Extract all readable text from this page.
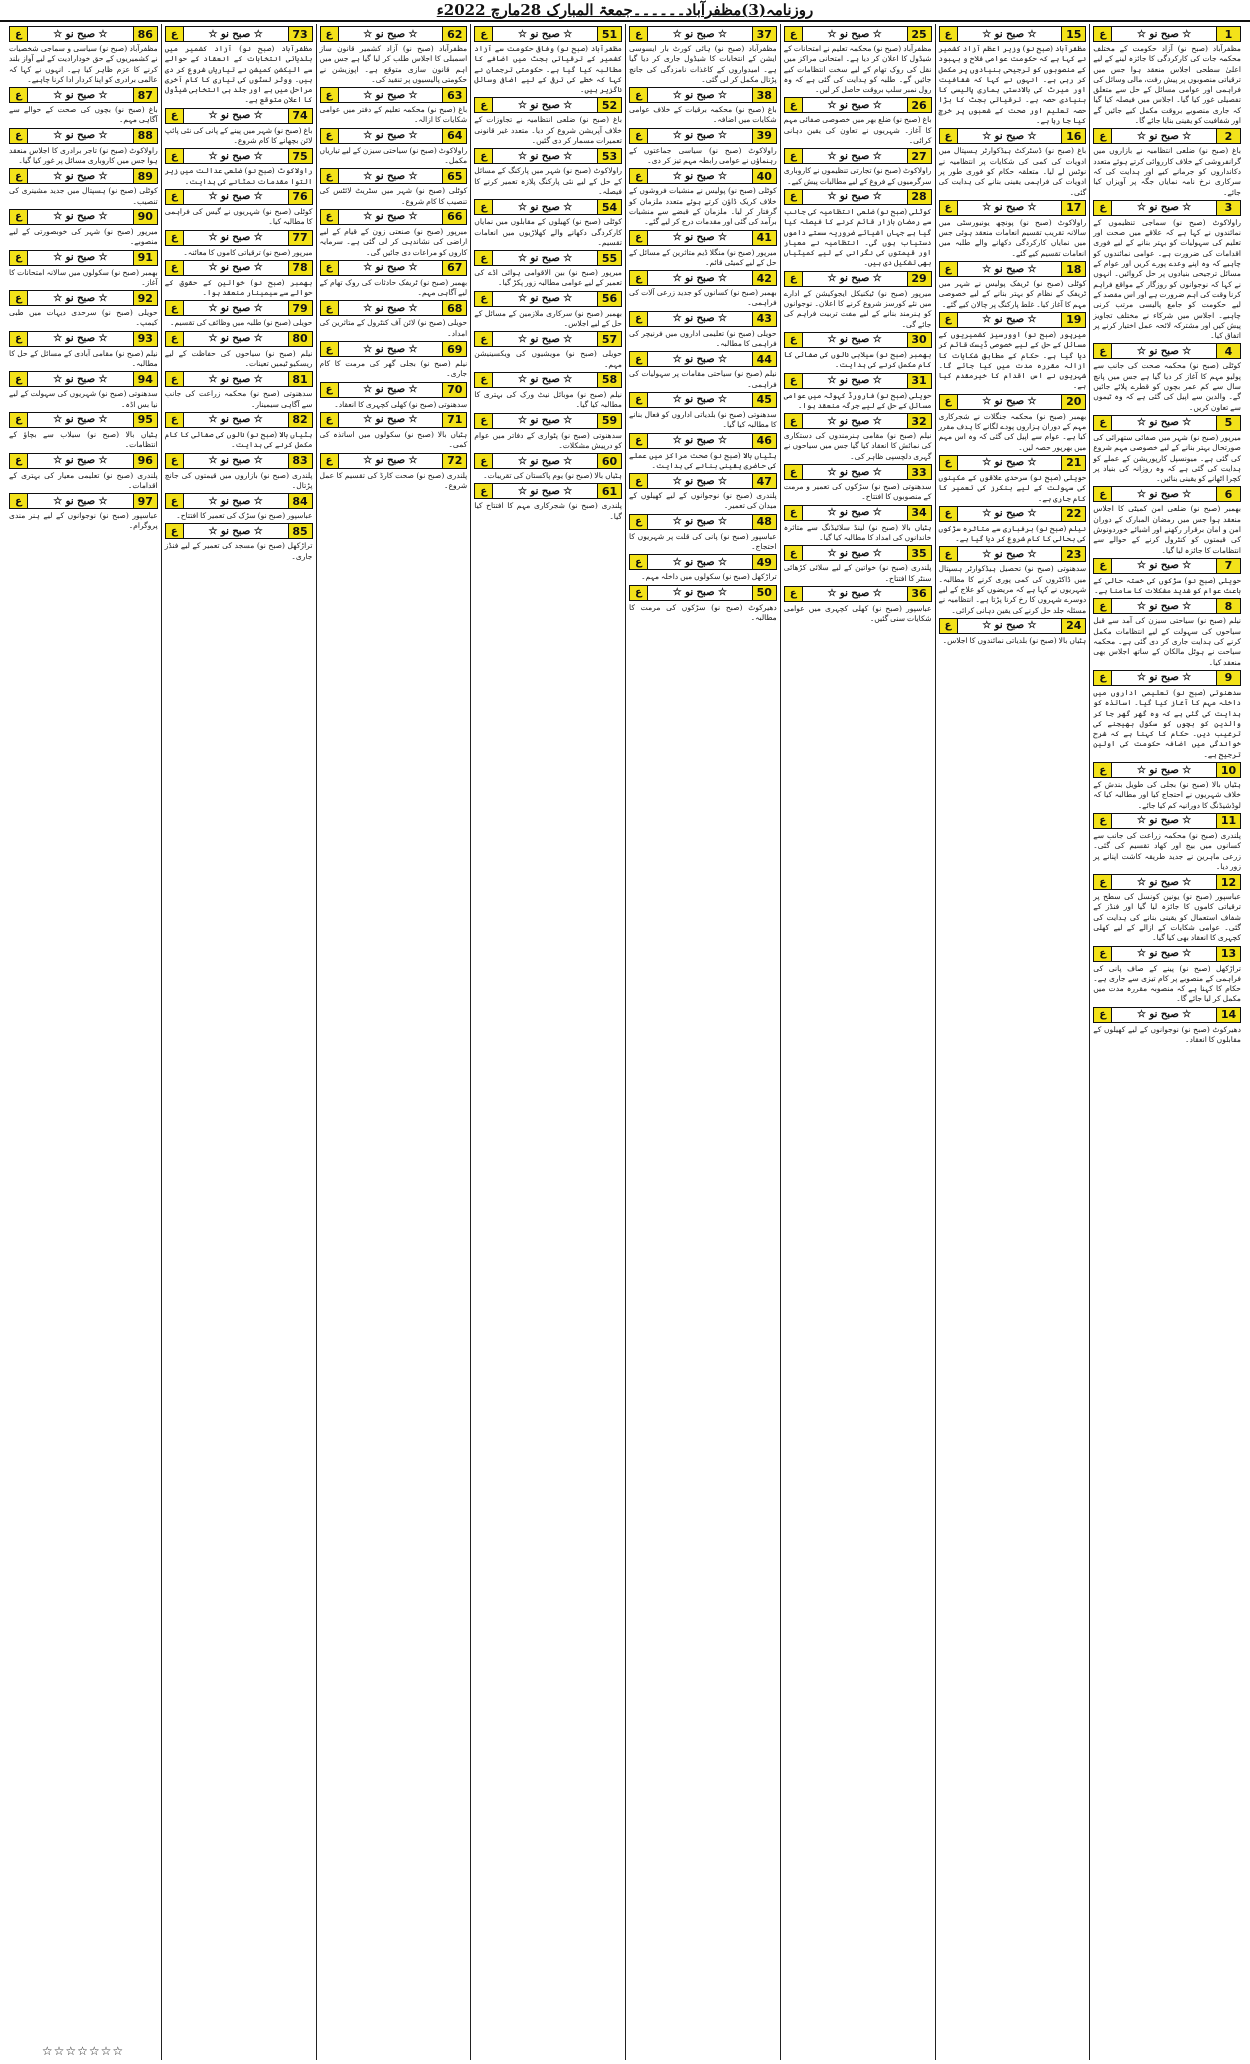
روزنامہ(3)مظفرآباد۔۔۔۔۔۔جمعۃ المبارک 28مارچ 2022ء
1
☆ صبح نو ☆
ع
مظفرآباد (صبح نو) آزاد حکومت کے مختلف محکمہ جات کی کارکردگی کا جائزہ لینے کے لیے اعلیٰ سطحی اجلاس منعقد ہوا جس میں ترقیاتی منصوبوں پر پیش رفت، مالی وسائل کی فراہمی اور عوامی مسائل کے حل سے متعلق تفصیلی غور کیا گیا۔ اجلاس میں فیصلہ کیا گیا کہ جاری منصوبے بروقت مکمل کیے جائیں گے اور شفافیت کو یقینی بنایا جائے گا۔
2
☆ صبح نو ☆
ع
باغ (صبح نو) ضلعی انتظامیہ نے بازاروں میں گرانفروشی کے خلاف کارروائی کرتے ہوئے متعدد دکانداروں کو جرمانے کیے اور ہدایت کی کہ سرکاری نرخ نامہ نمایاں جگہ پر آویزاں کیا جائے۔
3
☆ صبح نو ☆
ع
راولاکوٹ (صبح نو) سماجی تنظیموں کے نمائندوں نے کہا ہے کہ علاقے میں صحت اور تعلیم کی سہولیات کو بہتر بنانے کے لیے فوری اقدامات کی ضرورت ہے۔ عوامی نمائندوں کو چاہیے کہ وہ اپنے وعدے پورے کریں اور عوام کے مسائل ترجیحی بنیادوں پر حل کروائیں۔ انہوں نے کہا کہ نوجوانوں کو روزگار کے مواقع فراہم کرنا وقت کی اہم ضرورت ہے اور اس مقصد کے لیے حکومت کو جامع پالیسی مرتب کرنی چاہیے۔ اجلاس میں شرکاء نے مختلف تجاویز پیش کیں اور مشترکہ لائحہ عمل اختیار کرنے پر اتفاق کیا۔
4
☆ صبح نو ☆
ع
کوٹلی (صبح نو) محکمہ صحت کی جانب سے پولیو مہم کا آغاز کر دیا گیا ہے جس میں پانچ سال سے کم عمر بچوں کو قطرے پلائے جائیں گے۔ والدین سے اپیل کی گئی ہے کہ وہ ٹیموں سے تعاون کریں۔
5
☆ صبح نو ☆
ع
میرپور (صبح نو) شہر میں صفائی ستھرائی کی صورتحال بہتر بنانے کے لیے خصوصی مہم شروع کی گئی ہے۔ میونسپل کارپوریشن کے عملے کو ہدایت کی گئی ہے کہ وہ روزانہ کی بنیاد پر کچرا اٹھانے کو یقینی بنائیں۔
6
☆ صبح نو ☆
ع
بھمبر (صبح نو) ضلعی امن کمیٹی کا اجلاس منعقد ہوا جس میں رمضان المبارک کے دوران امن و امان برقرار رکھنے اور اشیائے خوردونوش کی قیمتوں کو کنٹرول کرنے کے حوالے سے انتظامات کا جائزہ لیا گیا۔
7
☆ صبح نو ☆
ع
حویلی (صبح نو) سڑکوں کی خستہ حالی کے باعث عوام کو شدید مشکلات کا سامنا ہے۔
8
☆ صبح نو ☆
ع
نیلم (صبح نو) سیاحتی سیزن کی آمد سے قبل سیاحوں کی سہولت کے لیے انتظامات مکمل کرنے کی ہدایت جاری کر دی گئی ہے۔ محکمہ سیاحت نے ہوٹل مالکان کے ساتھ اجلاس بھی منعقد کیا۔
9
☆ صبح نو ☆
ع
سدھنوتی (صبح نو) تعلیمی اداروں میں داخلہ مہم کا آغاز کیا گیا۔ اساتذہ کو ہدایت کی گئی ہے کہ وہ گھر گھر جا کر والدین کو بچوں کو سکول بھیجنے کی ترغیب دیں۔ حکام کا کہنا ہے کہ شرح خواندگی میں اضافہ حکومت کی اولین ترجیح ہے۔
10
☆ صبح نو ☆
ع
ہٹیاں بالا (صبح نو) بجلی کی طویل بندش کے خلاف شہریوں نے احتجاج کیا اور مطالبہ کیا کہ لوڈشیڈنگ کا دورانیہ کم کیا جائے۔
11
☆ صبح نو ☆
ع
پلندری (صبح نو) محکمہ زراعت کی جانب سے کسانوں میں بیج اور کھاد تقسیم کی گئی۔ زرعی ماہرین نے جدید طریقہ کاشت اپنانے پر زور دیا۔
12
☆ صبح نو ☆
ع
عباسپور (صبح نو) یونین کونسل کی سطح پر ترقیاتی کاموں کا جائزہ لیا گیا اور فنڈز کے شفاف استعمال کو یقینی بنانے کی ہدایت کی گئی۔ عوامی شکایات کے ازالے کے لیے کھلی کچہری کا انعقاد بھی کیا گیا۔
13
☆ صبح نو ☆
ع
تراڑکھل (صبح نو) پینے کے صاف پانی کی فراہمی کے منصوبے پر کام تیزی سے جاری ہے۔ حکام کا کہنا ہے کہ منصوبہ مقررہ مدت میں مکمل کر لیا جائے گا۔
14
☆ صبح نو ☆
ع
دھیرکوٹ (صبح نو) نوجوانوں کے لیے کھیلوں کے مقابلوں کا انعقاد۔
15
☆ صبح نو ☆
ع
مظفرآباد (صبح نو) وزیر اعظم آزاد کشمیر نے کہا ہے کہ حکومت عوامی فلاح و بہبود کے منصوبوں کو ترجیحی بنیادوں پر مکمل کر رہی ہے۔ انہوں نے کہا کہ شفافیت اور میرٹ کی بالادستی ہماری پالیسی کا بنیادی حصہ ہے۔ ترقیاتی بجٹ کا بڑا حصہ تعلیم اور صحت کے شعبوں پر خرچ کیا جا رہا ہے۔
16
☆ صبح نو ☆
ع
باغ (صبح نو) ڈسٹرکٹ ہیڈکوارٹر ہسپتال میں ادویات کی کمی کی شکایات پر انتظامیہ نے نوٹس لے لیا۔ متعلقہ حکام کو فوری طور پر ادویات کی فراہمی یقینی بنانے کی ہدایت کی گئی۔
17
☆ صبح نو ☆
ع
راولاکوٹ (صبح نو) پونچھ یونیورسٹی میں سالانہ تقریب تقسیم انعامات منعقد ہوئی جس میں نمایاں کارکردگی دکھانے والے طلبہ میں انعامات تقسیم کیے گئے۔
18
☆ صبح نو ☆
ع
کوٹلی (صبح نو) ٹریفک پولیس نے شہر میں ٹریفک کے نظام کو بہتر بنانے کے لیے خصوصی مہم کا آغاز کیا۔ غلط پارکنگ پر چالان کیے گئے۔
19
☆ صبح نو ☆
ع
میرپور (صبح نو) اوورسیز کشمیریوں کے مسائل کے حل کے لیے خصوصی ڈیسک قائم کر دیا گیا ہے۔ حکام کے مطابق شکایات کا ازالہ مقررہ مدت میں کیا جائے گا۔ شہریوں نے اس اقدام کا خیرمقدم کیا ہے۔
20
☆ صبح نو ☆
ع
بھمبر (صبح نو) محکمہ جنگلات نے شجرکاری مہم کے دوران ہزاروں پودے لگانے کا ہدف مقرر کیا ہے۔ عوام سے اپیل کی گئی کہ وہ اس مہم میں بھرپور حصہ لیں۔
21
☆ صبح نو ☆
ع
حویلی (صبح نو) سرحدی علاقوں کے مکینوں کی سہولت کے لیے بنکرز کی تعمیر کا کام جاری ہے۔
22
☆ صبح نو ☆
ع
نیلم (صبح نو) برفباری سے متاثرہ سڑکوں کی بحالی کا کام شروع کر دیا گیا ہے۔
23
☆ صبح نو ☆
ع
سدھنوتی (صبح نو) تحصیل ہیڈکوارٹر ہسپتال میں ڈاکٹروں کی کمی پوری کرنے کا مطالبہ۔ شہریوں نے کہا ہے کہ مریضوں کو علاج کے لیے دوسرے شہروں کا رخ کرنا پڑتا ہے۔ انتظامیہ نے مسئلہ جلد حل کرنے کی یقین دہانی کرائی۔
24
☆ صبح نو ☆
ع
ہٹیاں بالا (صبح نو) بلدیاتی نمائندوں کا اجلاس۔
25
☆ صبح نو ☆
ع
مظفرآباد (صبح نو) محکمہ تعلیم نے امتحانات کے شیڈول کا اعلان کر دیا ہے۔ امتحانی مراکز میں نقل کی روک تھام کے لیے سخت انتظامات کیے جائیں گے۔ طلبہ کو ہدایت کی گئی ہے کہ وہ رول نمبر سلپ بروقت حاصل کر لیں۔
26
☆ صبح نو ☆
ع
باغ (صبح نو) ضلع بھر میں خصوصی صفائی مہم کا آغاز۔ شہریوں نے تعاون کی یقین دہانی کرائی۔
27
☆ صبح نو ☆
ع
راولاکوٹ (صبح نو) تجارتی تنظیموں نے کاروباری سرگرمیوں کے فروغ کے لیے مطالبات پیش کیے۔
28
☆ صبح نو ☆
ع
کوٹلی (صبح نو) ضلعی انتظامیہ کی جانب سے رمضان بازار قائم کرنے کا فیصلہ کیا گیا ہے جہاں اشیائے ضروریہ سستے داموں دستیاب ہوں گی۔ انتظامیہ نے معیار اور قیمتوں کی نگرانی کے لیے کمیٹیاں بھی تشکیل دی ہیں۔
29
☆ صبح نو ☆
ع
میرپور (صبح نو) ٹیکنیکل ایجوکیشن کے ادارے میں نئے کورسز شروع کرنے کا اعلان۔ نوجوانوں کو ہنرمند بنانے کے لیے مفت تربیت فراہم کی جائے گی۔
30
☆ صبح نو ☆
ع
بھمبر (صبح نو) سیلابی نالوں کی صفائی کا کام مکمل کرنے کی ہدایت۔
31
☆ صبح نو ☆
ع
حویلی (صبح نو) فارورڈ کہوٹہ میں عوامی مسائل کے حل کے لیے جرگہ منعقد ہوا۔
32
☆ صبح نو ☆
ع
نیلم (صبح نو) مقامی ہنرمندوں کی دستکاری کی نمائش کا انعقاد کیا گیا جس میں سیاحوں نے گہری دلچسپی ظاہر کی۔
33
☆ صبح نو ☆
ع
سدھنوتی (صبح نو) سڑکوں کی تعمیر و مرمت کے منصوبوں کا افتتاح۔
34
☆ صبح نو ☆
ع
ہٹیاں بالا (صبح نو) لینڈ سلائیڈنگ سے متاثرہ خاندانوں کی امداد کا مطالبہ کیا گیا۔
35
☆ صبح نو ☆
ع
پلندری (صبح نو) خواتین کے لیے سلائی کڑھائی سنٹر کا افتتاح۔
36
☆ صبح نو ☆
ع
عباسپور (صبح نو) کھلی کچہری میں عوامی شکایات سنی گئیں۔
37
☆ صبح نو ☆
ع
مظفرآباد (صبح نو) ہائی کورٹ بار ایسوسی ایشن کے انتخابات کا شیڈول جاری کر دیا گیا ہے۔ امیدواروں کے کاغذات نامزدگی کی جانچ پڑتال مکمل کر لی گئی۔
38
☆ صبح نو ☆
ع
باغ (صبح نو) محکمہ برقیات کے خلاف عوامی شکایات میں اضافہ۔
39
☆ صبح نو ☆
ع
راولاکوٹ (صبح نو) سیاسی جماعتوں کے رہنماؤں نے عوامی رابطہ مہم تیز کر دی۔
40
☆ صبح نو ☆
ع
کوٹلی (صبح نو) پولیس نے منشیات فروشوں کے خلاف کریک ڈاؤن کرتے ہوئے متعدد ملزمان کو گرفتار کر لیا۔ ملزمان کے قبضے سے منشیات برآمد کی گئی اور مقدمات درج کر لیے گئے۔
41
☆ صبح نو ☆
ع
میرپور (صبح نو) منگلا ڈیم متاثرین کے مسائل کے حل کے لیے کمیٹی قائم۔
42
☆ صبح نو ☆
ع
بھمبر (صبح نو) کسانوں کو جدید زرعی آلات کی فراہمی۔
43
☆ صبح نو ☆
ع
حویلی (صبح نو) تعلیمی اداروں میں فرنیچر کی فراہمی کا مطالبہ۔
44
☆ صبح نو ☆
ع
نیلم (صبح نو) سیاحتی مقامات پر سہولیات کی فراہمی۔
45
☆ صبح نو ☆
ع
سدھنوتی (صبح نو) بلدیاتی اداروں کو فعال بنانے کا مطالبہ کیا گیا۔
46
☆ صبح نو ☆
ع
ہٹیاں بالا (صبح نو) صحت مراکز میں عملے کی حاضری یقینی بنانے کی ہدایت۔
47
☆ صبح نو ☆
ع
پلندری (صبح نو) نوجوانوں کے لیے کھیلوں کے میدان کی تعمیر۔
48
☆ صبح نو ☆
ع
عباسپور (صبح نو) پانی کی قلت پر شہریوں کا احتجاج۔
49
☆ صبح نو ☆
ع
تراڑکھل (صبح نو) سکولوں میں داخلہ مہم۔
50
☆ صبح نو ☆
ع
دھیرکوٹ (صبح نو) سڑکوں کی مرمت کا مطالبہ۔
51
☆ صبح نو ☆
ع
مظفرآباد (صبح نو) وفاقی حکومت سے آزاد کشمیر کے ترقیاتی بجٹ میں اضافے کا مطالبہ کیا گیا ہے۔ حکومتی ترجمان نے کہا کہ خطے کی ترقی کے لیے اضافی وسائل ناگزیر ہیں۔
52
☆ صبح نو ☆
ع
باغ (صبح نو) ضلعی انتظامیہ نے تجاوزات کے خلاف آپریشن شروع کر دیا۔ متعدد غیر قانونی تعمیرات مسمار کر دی گئیں۔
53
☆ صبح نو ☆
ع
راولاکوٹ (صبح نو) شہر میں پارکنگ کے مسائل کے حل کے لیے نئی پارکنگ پلازہ تعمیر کرنے کا فیصلہ۔
54
☆ صبح نو ☆
ع
کوٹلی (صبح نو) کھیلوں کے مقابلوں میں نمایاں کارکردگی دکھانے والے کھلاڑیوں میں انعامات تقسیم۔
55
☆ صبح نو ☆
ع
میرپور (صبح نو) بین الاقوامی ہوائی اڈے کی تعمیر کے لیے عوامی مطالبہ زور پکڑ گیا۔
56
☆ صبح نو ☆
ع
بھمبر (صبح نو) سرکاری ملازمین کے مسائل کے حل کے لیے اجلاس۔
57
☆ صبح نو ☆
ع
حویلی (صبح نو) مویشیوں کی ویکسینیشن مہم۔
58
☆ صبح نو ☆
ع
نیلم (صبح نو) موبائل نیٹ ورک کی بہتری کا مطالبہ کیا گیا۔
59
☆ صبح نو ☆
ع
سدھنوتی (صبح نو) پٹواری کے دفاتر میں عوام کو درپیش مشکلات۔
60
☆ صبح نو ☆
ع
ہٹیاں بالا (صبح نو) یوم پاکستان کی تقریبات۔
61
☆ صبح نو ☆
ع
پلندری (صبح نو) شجرکاری مہم کا افتتاح کیا گیا۔
62
☆ صبح نو ☆
ع
مظفرآباد (صبح نو) آزاد کشمیر قانون ساز اسمبلی کا اجلاس طلب کر لیا گیا ہے جس میں اہم قانون سازی متوقع ہے۔ اپوزیشن نے حکومتی پالیسیوں پر تنقید کی۔
63
☆ صبح نو ☆
ع
باغ (صبح نو) محکمہ تعلیم کے دفتر میں عوامی شکایات کا ازالہ۔
64
☆ صبح نو ☆
ع
راولاکوٹ (صبح نو) سیاحتی سیزن کے لیے تیاریاں مکمل۔
65
☆ صبح نو ☆
ع
کوٹلی (صبح نو) شہر میں سٹریٹ لائٹس کی تنصیب کا کام شروع۔
66
☆ صبح نو ☆
ع
میرپور (صبح نو) صنعتی زون کے قیام کے لیے اراضی کی نشاندہی کر لی گئی ہے۔ سرمایہ کاروں کو مراعات دی جائیں گی۔
67
☆ صبح نو ☆
ع
بھمبر (صبح نو) ٹریفک حادثات کی روک تھام کے لیے آگاہی مہم۔
68
☆ صبح نو ☆
ع
حویلی (صبح نو) لائن آف کنٹرول کے متاثرین کی امداد۔
69
☆ صبح نو ☆
ع
نیلم (صبح نو) بجلی گھر کی مرمت کا کام جاری۔
70
☆ صبح نو ☆
ع
سدھنوتی (صبح نو) کھلی کچہری کا انعقاد۔
71
☆ صبح نو ☆
ع
ہٹیاں بالا (صبح نو) سکولوں میں اساتذہ کی کمی۔
72
☆ صبح نو ☆
ع
پلندری (صبح نو) صحت کارڈ کی تقسیم کا عمل شروع۔
73
☆ صبح نو ☆
ع
مظفرآباد (صبح نو) آزاد کشمیر میں بلدیاتی انتخابات کے انعقاد کے حوالے سے الیکشن کمیشن نے تیاریاں شروع کر دی ہیں۔ ووٹر لسٹوں کی تیاری کا کام آخری مراحل میں ہے اور جلد ہی انتخابی شیڈول کا اعلان متوقع ہے۔
74
☆ صبح نو ☆
ع
باغ (صبح نو) شہر میں پینے کے پانی کی نئی پائپ لائن بچھانے کا کام شروع۔
75
☆ صبح نو ☆
ع
راولاکوٹ (صبح نو) ضلعی عدالت میں زیر التوا مقدمات نمٹانے کی ہدایت۔
76
☆ صبح نو ☆
ع
کوٹلی (صبح نو) شہریوں نے گیس کی فراہمی کا مطالبہ کیا۔
77
☆ صبح نو ☆
ع
میرپور (صبح نو) ترقیاتی کاموں کا معائنہ۔
78
☆ صبح نو ☆
ع
بھمبر (صبح نو) خواتین کے حقوق کے حوالے سے سیمینار منعقد ہوا۔
79
☆ صبح نو ☆
ع
حویلی (صبح نو) طلبہ میں وظائف کی تقسیم۔
80
☆ صبح نو ☆
ع
نیلم (صبح نو) سیاحوں کی حفاظت کے لیے ریسکیو ٹیمیں تعینات۔
81
☆ صبح نو ☆
ع
سدھنوتی (صبح نو) محکمہ زراعت کی جانب سے آگاہی سیمینار۔
82
☆ صبح نو ☆
ع
ہٹیاں بالا (صبح نو) نالوں کی صفائی کا کام مکمل کرنے کی ہدایت۔
83
☆ صبح نو ☆
ع
پلندری (صبح نو) بازاروں میں قیمتوں کی جانچ پڑتال۔
84
☆ صبح نو ☆
ع
عباسپور (صبح نو) سڑک کی تعمیر کا افتتاح۔
85
☆ صبح نو ☆
ع
تراڑکھل (صبح نو) مسجد کی تعمیر کے لیے فنڈز جاری۔
86
☆ صبح نو ☆
ع
مظفرآباد (صبح نو) سیاسی و سماجی شخصیات نے کشمیریوں کے حق خودارادیت کے لیے آواز بلند کرنے کا عزم ظاہر کیا ہے۔ انہوں نے کہا کہ عالمی برادری کو اپنا کردار ادا کرنا چاہیے۔
87
☆ صبح نو ☆
ع
باغ (صبح نو) بچوں کی صحت کے حوالے سے آگاہی مہم۔
88
☆ صبح نو ☆
ع
راولاکوٹ (صبح نو) تاجر برادری کا اجلاس منعقد ہوا جس میں کاروباری مسائل پر غور کیا گیا۔
89
☆ صبح نو ☆
ع
کوٹلی (صبح نو) ہسپتال میں جدید مشینری کی تنصیب۔
90
☆ صبح نو ☆
ع
میرپور (صبح نو) شہر کی خوبصورتی کے لیے منصوبے۔
91
☆ صبح نو ☆
ع
بھمبر (صبح نو) سکولوں میں سالانہ امتحانات کا آغاز۔
92
☆ صبح نو ☆
ع
حویلی (صبح نو) سرحدی دیہات میں طبی کیمپ۔
93
☆ صبح نو ☆
ع
نیلم (صبح نو) مقامی آبادی کے مسائل کے حل کا مطالبہ۔
94
☆ صبح نو ☆
ع
سدھنوتی (صبح نو) شہریوں کی سہولت کے لیے نیا بس اڈہ۔
95
☆ صبح نو ☆
ع
ہٹیاں بالا (صبح نو) سیلاب سے بچاؤ کے انتظامات۔
96
☆ صبح نو ☆
ع
پلندری (صبح نو) تعلیمی معیار کی بہتری کے اقدامات۔
97
☆ صبح نو ☆
ع
عباسپور (صبح نو) نوجوانوں کے لیے ہنر مندی پروگرام۔
☆☆☆☆☆☆☆
